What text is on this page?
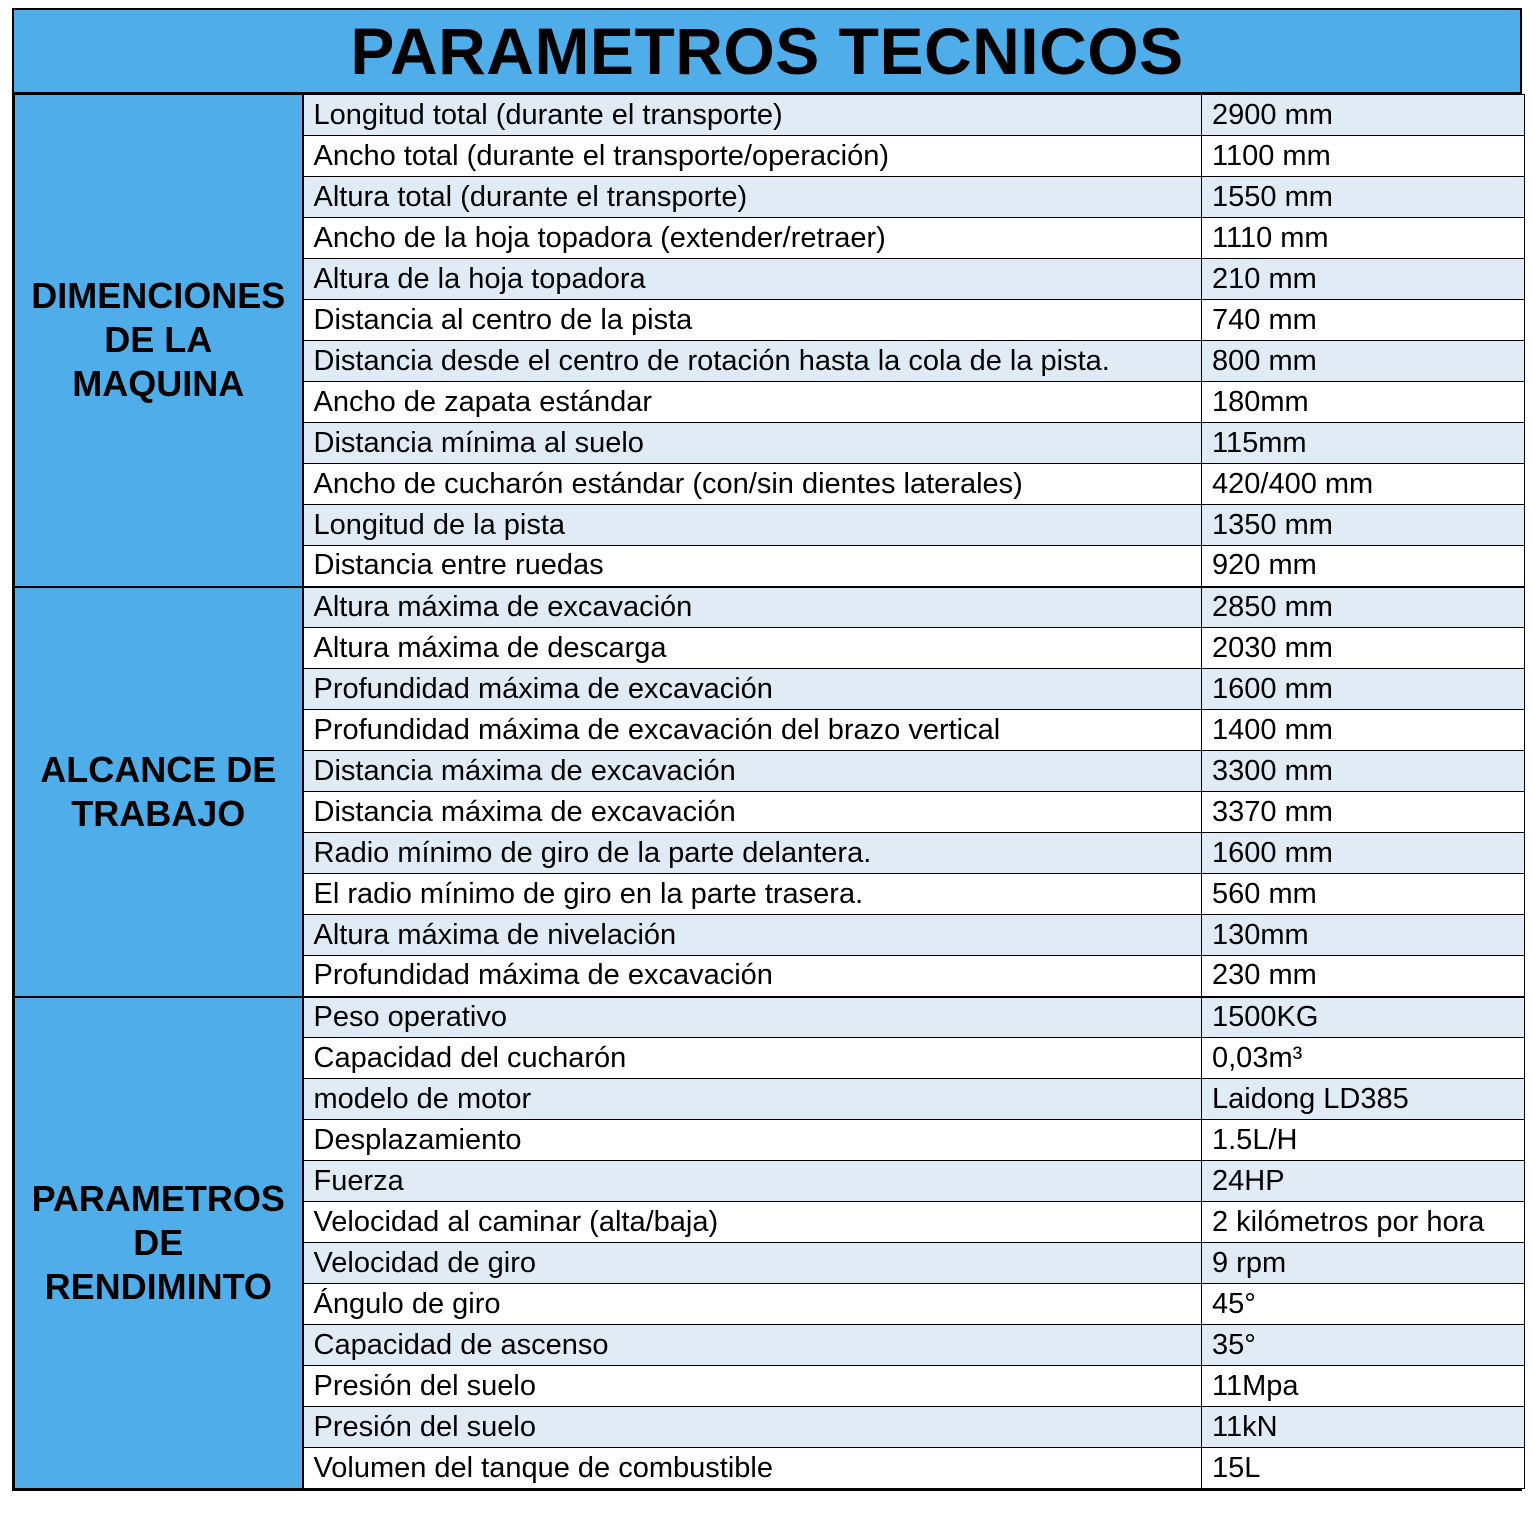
PARAMETROS TECNICOS
DIMENCIONES DE LA MAQUINA	Longitud total (durante el transporte)	2900 mm
	Ancho total (durante el transporte/operación)	1100 mm
	Altura total (durante el transporte)	1550 mm
	Ancho de la hoja topadora (extender/retraer)	1110 mm
	Altura de la hoja topadora	210 mm
	Distancia al centro de la pista	740 mm
	Distancia desde el centro de rotación hasta la cola de la pista.	800 mm
	Ancho de zapata estándar	180mm
	Distancia mínima al suelo	115mm
	Ancho de cucharón estándar (con/sin dientes laterales)	420/400 mm
	Longitud de la pista	1350 mm
	Distancia entre ruedas	920 mm
ALCANCE DE TRABAJO	Altura máxima de excavación	2850 mm
	Altura máxima de descarga	2030 mm
	Profundidad máxima de excavación	1600 mm
	Profundidad máxima de excavación del brazo vertical	1400 mm
	Distancia máxima de excavación	3300 mm
	Distancia máxima de excavación	3370 mm
	Radio mínimo de giro de la parte delantera.	1600 mm
	El radio mínimo de giro en la parte trasera.	560 mm
	Altura máxima de nivelación	130mm
	Profundidad máxima de excavación	230 mm
PARAMETROS DE RENDIMINTO	Peso operativo	1500KG
	Capacidad del cucharón	0,03m³
	modelo de motor	Laidong LD385
	Desplazamiento	1.5L/H
	Fuerza	24HP
	Velocidad al caminar (alta/baja)	2 kilómetros por hora
	Velocidad de giro	9 rpm
	Ángulo de giro	45°
	Capacidad de ascenso	35°
	Presión del suelo	11Mpa
	Presión del suelo	11kN
	Volumen del tanque de combustible	15L
